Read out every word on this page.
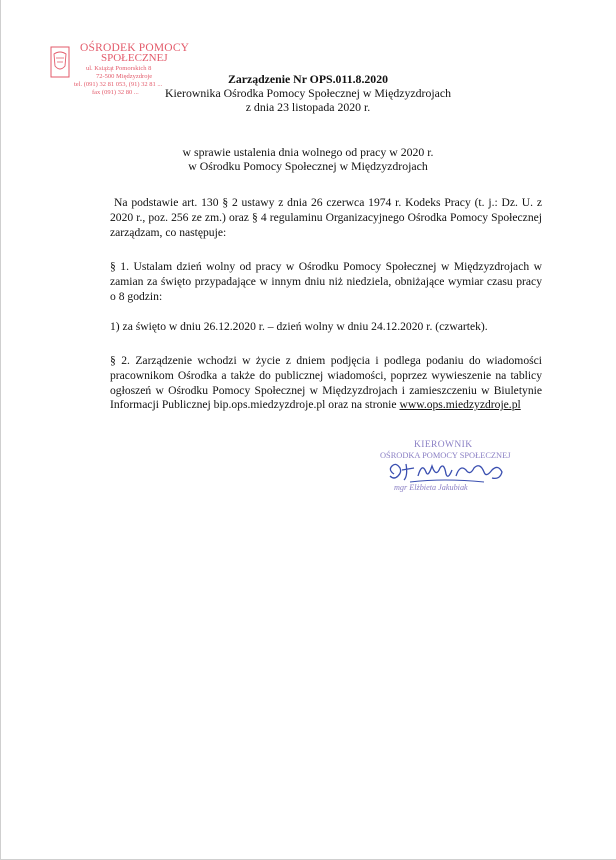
OŚRODEK POMOCY
SPOŁECZNEJ
ul. Książąt Pomorskich 8
72-500 Międzyzdroje
tel. (091) 32 81 053, (91) 32 81 ...
fax (091) 32 80 ...
Zarządzenie Nr OPS.011.8.2020
Kierownika Ośrodka Pomocy Społecznej w Międzyzdrojach
z dnia 23 listopada 2020 r.
w sprawie ustalenia dnia wolnego od pracy w 2020 r.
w Ośrodku Pomocy Społecznej w Międzyzdrojach
Na podstawie art. 130 § 2 ustawy z dnia 26 czerwca 1974 r. Kodeks Pracy (t. j.: Dz. U. z 2020 r., poz. 256 ze zm.) oraz § 4 regulaminu Organizacyjnego Ośrodka Pomocy Społecznej zarządzam, co następuje:
§ 1. Ustalam dzień wolny od pracy w Ośrodku Pomocy Społecznej w Międzyzdrojach w zamian za święto przypadające w innym dniu niż niedziela, obniżające wymiar czasu pracy o 8 godzin:
1) za święto w dniu 26.12.2020 r. – dzień wolny w dniu 24.12.2020 r. (czwartek).
§ 2. Zarządzenie wchodzi w życie z dniem podjęcia i podlega podaniu do wiadomości pracownikom Ośrodka a także do publicznej wiadomości, poprzez wywieszenie na tablicy ogłoszeń w Ośrodku Pomocy Społecznej w Międzyzdrojach i zamieszczeniu w Biuletynie Informacji Publicznej bip.ops.miedzyzdroje.pl oraz na stronie www.ops.miedzyzdroje.pl
KIEROWNIK
OŚRODKA POMOCY SPOŁECZNEJ
mgr Elżbieta Jakubiak
